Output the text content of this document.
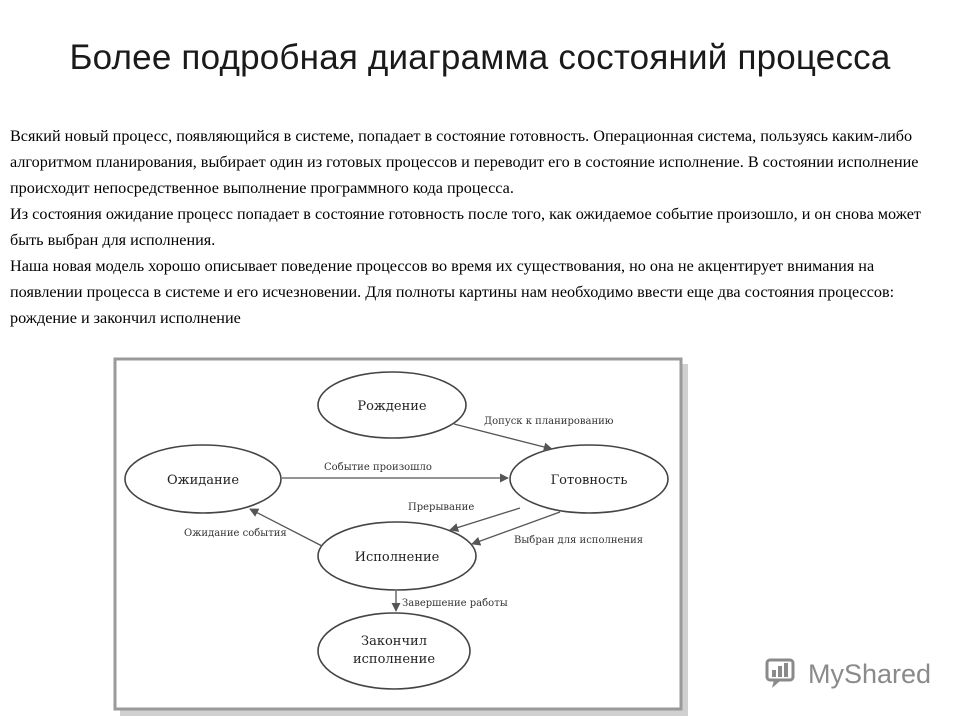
Более подробная диаграмма состояний процесса

Всякий новый процесс, появляющийся в системе, попадает в состояние готовность. Операционная система, пользуясь каким-либо алгоритмом планирования, выбирает один из готовых процессов и переводит его в состояние исполнение. В состоянии исполнение происходит непосредственное выполнение программного кода процесса.

Из состояния ожидание процесс попадает в состояние готовность после того, как ожидаемое событие произошло, и он снова может быть выбран для исполнения.

Наша новая модель хорошо описывает поведение процессов во время их существования, но она не акцентирует внимания на появлении процесса в системе и его исчезновении. Для полноты картины нам необходимо ввести еще два состояния процессов: рождение и закончил исполнение

Рождение
Ожидание	Готовность
Исполнение
Закончил
исполнение
Допуск к планированию
Событие произошло
Прерывание
Выбран для исполнения
Ожидание события
Завершение работы
MyShared
